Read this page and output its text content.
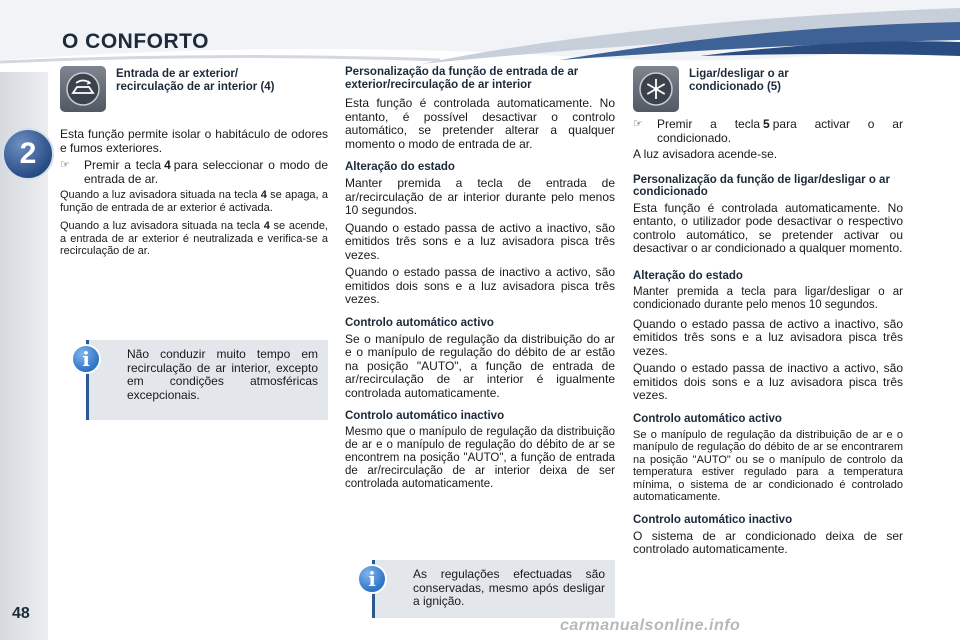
O CONFORTO
2
48
Entrada de ar exterior/
recirculação de ar interior (4)

Esta função permite isolar o habitáculo de odores e fumos exteriores.

☞	Premir a tecla 4 para seleccionar o modo de entrada de ar.

Quando a luz avisadora situada na tecla 4 se apaga, a função de entrada de ar exterior é activada.

Quando a luz avisadora situada na tecla 4 se acende, a entrada de ar exterior é neutralizada e verifica-se a recirculação de ar.

i	Não conduzir muito tempo em recirculação de ar interior, excepto em condições atmosféricas excepcionais.

Personalização da função de entrada de ar exterior/recirculação de ar interior

Esta função é controlada automaticamente. No entanto, é possível desactivar o controlo automático, se pretender alterar a qualquer momento o modo de entrada de ar.

Alteração do estado

Manter premida a tecla de entrada de ar/recirculação de ar interior durante pelo menos 10 segundos.

Quando o estado passa de activo a inactivo, são emitidos três sons e a luz avisadora pisca três vezes.

Quando o estado passa de inactivo a activo, são emitidos dois sons e a luz avisadora pisca três vezes.

Controlo automático activo

Se o manípulo de regulação da distribuição do ar e o manípulo de regulação do débito de ar estão na posição "AUTO", a função de entrada de ar/recirculação de ar interior é igualmente controlada automaticamente.

Controlo automático inactivo

Mesmo que o manípulo de regulação da distribuição de ar e o manípulo de regulação do débito de ar se encontrem na posição "AUTO", a função de entrada de ar/recirculação de ar interior deixa de ser controlada automaticamente.

i	As regulações efectuadas são conservadas, mesmo após desligar a ignição.

Ligar/desligar o ar
condicionado (5)
☞	Premir a tecla 5 para activar o ar condicionado.

A luz avisadora acende-se.

Personalização da função de ligar/desligar o ar condicionado

Esta função é controlada automaticamente. No entanto, o utilizador pode desactivar o respectivo controlo automático, se pretender activar ou desactivar o ar condicionado a qualquer momento.

Alteração do estado

Manter premida a tecla para ligar/desligar o ar condicionado durante pelo menos 10 segundos.

Quando o estado passa de activo a inactivo, são emitidos três sons e a luz avisadora pisca três vezes.

Quando o estado passa de inactivo a activo, são emitidos dois sons e a luz avisadora pisca três vezes.

Controlo automático activo

Se o manípulo de regulação da distribuição de ar e o manípulo de regulação do débito de ar se encontrarem na posição "AUTO" ou se o manípulo de controlo da temperatura estiver regulado para a temperatura mínima, o sistema de ar condicionado é controlado automaticamente.

Controlo automático inactivo

O sistema de ar condicionado deixa de ser controlado automaticamente.

carmanualsonline.info
